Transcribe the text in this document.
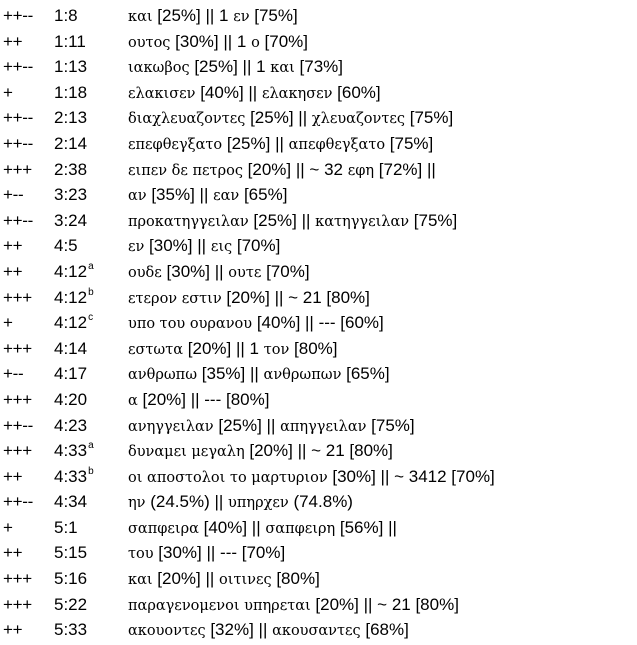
++-- 1:8	και [25%] || 1 εν [75%]
++ 1:11	ουτος [30%] || 1 ο [70%]
++-- 1:13	ιακωβος [25%] || 1 και [73%]
+ 1:18	ελακισεν [40%] || ελακησεν [60%]
++-- 2:13	διαχλευαζοντες [25%] || χλευαζοντες [75%]
++-- 2:14	επεφθεγξατο [25%] || απεφθεγξατο [75%]
+++ 2:38	ειπεν δε πετρος [20%] || ~ 32 εφη [72%] ||
+-- 3:23	αν [35%] || εαν [65%]
++-- 3:24	προκατηγγειλαν [25%] || κατηγγειλαν [75%]
++ 4:5	εν [30%] || εις [70%]
++ $4:12^a$ ουδε [30%] || ουτε [70%]
+++ $4:12^b$ ετερον εστιν [20%] || ~ 21 [80%]
+ $4:12^c$ υπο του ουρανου [40%] || --- [60%]
+++ 4:14	εστωτα [20%] || 1 τον [80%]
+-- 4:17	ανθρωπω [35%] || ανθρωπων [65%]
+++ 4:20	α [20%] || --- [80%]
++-- 4:23	ανηγγειλαν [25%] || απηγγειλαν [75%]
+++ $4:33^a$ δυναμει μεγαλη [20%] || ~ 21 [80%]
++ $4:33^b$ οι αποστολοι το μαρτυριον [30%] || ~ 3412 [70%]
++-- 4:34	ην (24.5%) || υπηρχεν (74.8%)
+ 5:1	σαπφειρα [40%] || σαπφειρη [56%] ||
++ 5:15	του [30%] || --- [70%]
+++ 5:16	και [20%] || οιτινες [80%]
+++ 5:22	παραγενομενοι υπηρεται [20%] || ~ 21 [80%]
++ 5:33	ακουοντες [32%] || ακουσαντες [68%]
